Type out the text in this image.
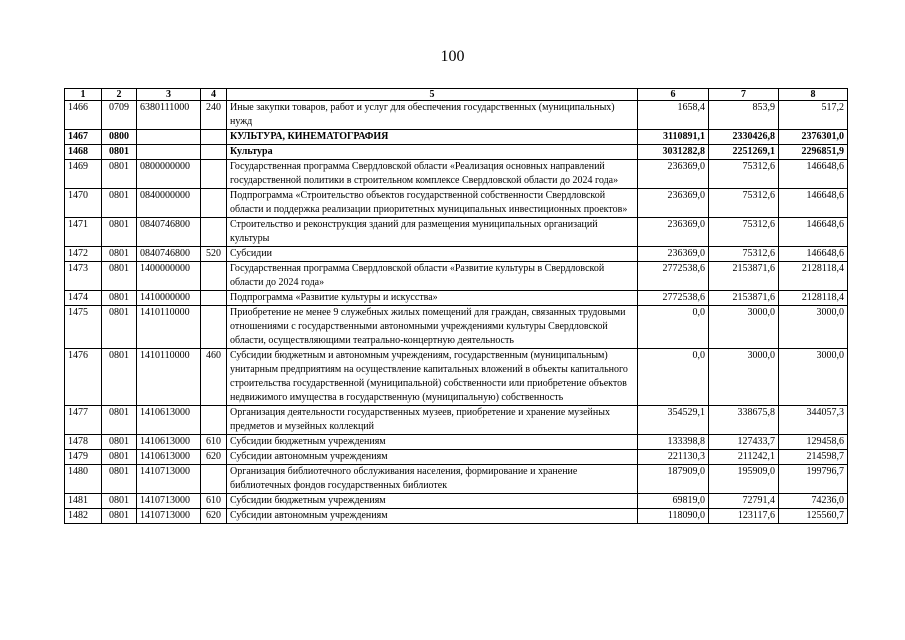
100
1	2	3	4	5	6	7	8
1466	0709	6380111000	240	Иные закупки товаров, работ и услуг для обеспечения государственных (муниципальных) нужд	1658,4	853,9	517,2
1467	0800			КУЛЬТУРА, КИНЕМАТОГРАФИЯ	3110891,1	2330426,8	2376301,0
1468	0801			Культура	3031282,8	2251269,1	2296851,9
1469	0801	0800000000		Государственная программа Свердловской области «Реализация основных направлений государственной политики в строительном комплексе Свердловской области до 2024 года»	236369,0	75312,6	146648,6
1470	0801	0840000000		Подпрограмма «Строительство объектов государственной собственности Свердловской области и поддержка реализации приоритетных муниципальных инвестиционных проектов»	236369,0	75312,6	146648,6
1471	0801	0840746800		Строительство и реконструкция зданий для размещения муниципальных организаций культуры	236369,0	75312,6	146648,6
1472	0801	0840746800	520	Субсидии	236369,0	75312,6	146648,6
1473	0801	1400000000		Государственная программа Свердловской области «Развитие культуры в Свердловской области до 2024 года»	2772538,6	2153871,6	2128118,4
1474	0801	1410000000		Подпрограмма «Развитие культуры и искусства»	2772538,6	2153871,6	2128118,4
1475	0801	1410110000		Приобретение не менее 9 служебных жилых помещений для граждан, связанных трудовыми отношениями с государственными автономными учреждениями культуры Свердловской области, осуществляющими театрально-концертную деятельность	0,0	3000,0	3000,0
1476	0801	1410110000	460	Субсидии бюджетным и автономным учреждениям, государственным (муниципальным) унитарным предприятиям на осуществление капитальных вложений в объекты капитального строительства государственной (муниципальной) собственности или приобретение объектов недвижимого имущества в государственную (муниципальную) собственность	0,0	3000,0	3000,0
1477	0801	1410613000		Организация деятельности государственных музеев, приобретение и хранение музейных предметов и музейных коллекций	354529,1	338675,8	344057,3
1478	0801	1410613000	610	Субсидии бюджетным учреждениям	133398,8	127433,7	129458,6
1479	0801	1410613000	620	Субсидии автономным учреждениям	221130,3	211242,1	214598,7
1480	0801	1410713000		Организация библиотечного обслуживания населения, формирование и хранение библиотечных фондов государственных библиотек	187909,0	195909,0	199796,7
1481	0801	1410713000	610	Субсидии бюджетным учреждениям	69819,0	72791,4	74236,0
1482	0801	1410713000	620	Субсидии автономным учреждениям	118090,0	123117,6	125560,7
